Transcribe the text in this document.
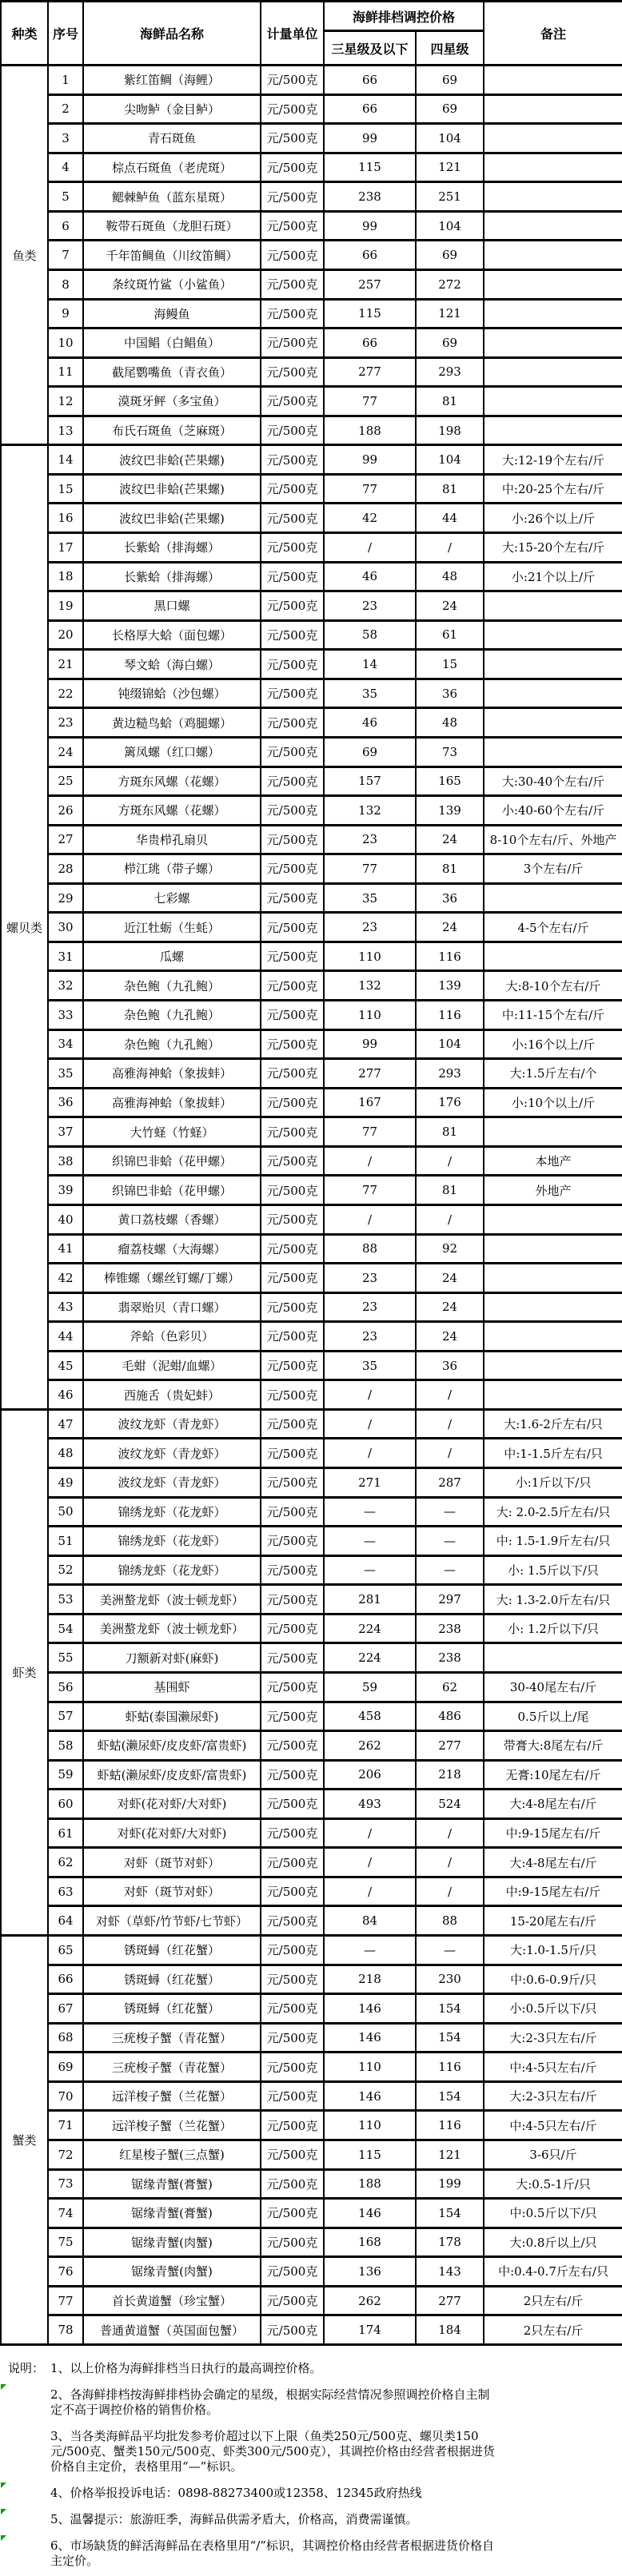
种类	序号	海鲜品名称	计量单位	海鲜排档调控价格		备注
				三星级及以下	四星级	
鱼类	1	紫红笛鲷（海鲤）	元/500克	66	69	
	2	尖吻鲈（金目鲈）	元/500克	66	69	
	3	青石斑鱼	元/500克	99	104	
	4	棕点石斑鱼（老虎斑）	元/500克	115	121	
	5	鳃棘鲈鱼（蓝东星斑）	元/500克	238	251	
	6	鞍带石斑鱼（龙胆石斑）	元/500克	99	104	
	7	千年笛鲷鱼（川纹笛鲷）	元/500克	66	69	
	8	条纹斑竹鲨（小鲨鱼）	元/500克	257	272	
	9	海鳗鱼	元/500克	115	121	
	10	中国鲳（白鲳鱼）	元/500克	66	69	
	11	截尾鹦嘴鱼（青衣鱼）	元/500克	277	293	
	12	漠斑牙鲆（多宝鱼）	元/500克	77	81	
	13	布氏石斑鱼（芝麻斑）	元/500克	188	198	
螺贝类	14	波纹巴非蛤(芒果螺)	元/500克	99	104	大:12-19个左右/斤
	15	波纹巴非蛤(芒果螺)	元/500克	77	81	中:20-25个左右/斤
	16	波纹巴非蛤(芒果螺)	元/500克	42	44	小:26个以上/斤
	17	长紫蛤（排海螺）	元/500克	/	/	大:15-20个左右/斤
	18	长紫蛤（排海螺）	元/500克	46	48	小:21个以上/斤
	19	黑口螺	元/500克	23	24	
	20	长格厚大蛤（面包螺）	元/500克	58	61	
	21	琴文蛤（海白螺）	元/500克	14	15	
	22	钝缀锦蛤（沙包螺）	元/500克	35	36	
	23	黄边糙鸟蛤（鸡腿螺）	元/500克	46	48	
	24	篱凤螺（红口螺）	元/500克	69	73	
	25	方斑东风螺（花螺）	元/500克	157	165	大:30-40个左右/斤
	26	方斑东风螺（花螺）	元/500克	132	139	小:40-60个左右/斤
	27	华贵栉孔扇贝	元/500克	23	24	8-10个左右/斤、外地产
	28	栉江珧（带子螺）	元/500克	77	81	3个左右/斤
	29	七彩螺	元/500克	35	36	
	30	近江牡蛎（生蚝）	元/500克	23	24	4-5个左右/斤
	31	瓜螺	元/500克	110	116	
	32	杂色鲍（九孔鲍）	元/500克	132	139	大:8-10个左右/斤
	33	杂色鲍（九孔鲍）	元/500克	110	116	中:11-15个左右/斤
	34	杂色鲍（九孔鲍）	元/500克	99	104	小:16个以上/斤
	35	高雅海神蛤（象拔蚌）	元/500克	277	293	大:1.5斤左右/个
	36	高雅海神蛤（象拔蚌）	元/500克	167	176	小:10个以上/斤
	37	大竹蛏（竹蛏）	元/500克	77	81	
	38	织锦巴非蛤（花甲螺）	元/500克	/	/	本地产
	39	织锦巴非蛤（花甲螺）	元/500克	77	81	外地产
	40	黄口荔枝螺（香螺）	元/500克	/	/	
	41	瘤荔枝螺（大海螺）	元/500克	88	92	
	42	棒锥螺（螺丝钉螺/丁螺）	元/500克	23	24	
	43	翡翠贻贝（青口螺）	元/500克	23	24	
	44	斧蛤（色彩贝）	元/500克	23	24	
	45	毛蚶（泥蚶/血螺）	元/500克	35	36	
	46	西施舌（贵妃蚌）	元/500克	/	/	
虾类	47	波纹龙虾（青龙虾）	元/500克	/	/	大:1.6-2斤左右/只
	48	波纹龙虾（青龙虾）	元/500克	/	/	中:1-1.5斤左右/只
	49	波纹龙虾（青龙虾）	元/500克	271	287	小:1斤以下/只
	50	锦绣龙虾（花龙虾）	元/500克	—	—	大: 2.0-2.5斤左右/只
	51	锦绣龙虾（花龙虾）	元/500克	—	—	中: 1.5-1.9斤左右/只
	52	锦绣龙虾（花龙虾）	元/500克	—	—	小: 1.5斤以下/只
	53	美洲螯龙虾（波士顿龙虾）	元/500克	281	297	大: 1.3-2.0斤左右/只
	54	美洲螯龙虾（波士顿龙虾）	元/500克	224	238	小: 1.2斤以下/只
	55	刀额新对虾(麻虾)	元/500克	224	238	
	56	基围虾	元/500克	59	62	30-40尾左右/斤
	57	虾蛄(泰国濑尿虾)	元/500克	458	486	0.5斤以上/尾
	58	虾蛄(濑尿虾/皮皮虾/富贵虾)	元/500克	262	277	带膏大:8尾左右/斤
	59	虾蛄(濑尿虾/皮皮虾/富贵虾)	元/500克	206	218	无膏:10尾左右/斤
	60	对虾(花对虾/大对虾)	元/500克	493	524	大:4-8尾左右/斤
	61	对虾(花对虾/大对虾)	元/500克	/	/	中:9-15尾左右/斤
	62	对虾（斑节对虾）	元/500克	/	/	大:4-8尾左右/斤
	63	对虾（斑节对虾）	元/500克	/	/	中:9-15尾左右/斤
	64	对虾（草虾/竹节虾/七节虾）	元/500克	84	88	15-20尾左右/斤
蟹类	65	锈斑蟳（红花蟹）	元/500克	—	—	大:1.0-1.5斤/只
	66	锈斑蟳（红花蟹）	元/500克	218	230	中:0.6-0.9斤/只
	67	锈斑蟳（红花蟹）	元/500克	146	154	小:0.5斤以下/只
	68	三疣梭子蟹（青花蟹）	元/500克	146	154	大:2-3只左右/斤
	69	三疣梭子蟹（青花蟹）	元/500克	110	116	中:4-5只左右/斤
	70	远洋梭子蟹（兰花蟹）	元/500克	146	154	大:2-3只左右/斤
	71	远洋梭子蟹（兰花蟹）	元/500克	110	116	中:4-5只左右/斤
	72	红星梭子蟹(三点蟹)	元/500克	115	121	3-6只/斤
	73	锯缘青蟹(膏蟹)	元/500克	188	199	大:0.5-1斤/只
	74	锯缘青蟹(膏蟹)	元/500克	146	154	中:0.5斤以下/只
	75	锯缘青蟹(肉蟹)	元/500克	168	178	大:0.8斤以上/只
	76	锯缘青蟹(肉蟹)	元/500克	136	143	中:0.4-0.7斤左右/只
	77	首长黄道蟹（珍宝蟹）	元/500克	262	277	2只左右/斤
	78	普通黄道蟹（英国面包蟹）	元/500克	174	184	2只左右/斤
说明： 1、以上价格为海鲜排档当日执行的最高调控价格。
2、各海鲜排档按海鲜排档协会确定的星级，根据实际经营情况参照调控价格自主制定不高于调控价格的销售价格。
3、当各类海鲜品平均批发参考价超过以下上限（鱼类250元/500克、螺贝类150元/500克、蟹类150元/500克、虾类300元/500克），其调控价格由经营者根据进货价格自主定价，表格里用“—”标识。
4、价格举报投诉电话：0898-88273400或12358、12345政府热线
5、温馨提示：旅游旺季，海鲜品供需矛盾大，价格高，消费需谨慎。
6、市场缺货的鲜活海鲜品在表格里用“/”标识，其调控价格由经营者根据进货价格自主定价。
